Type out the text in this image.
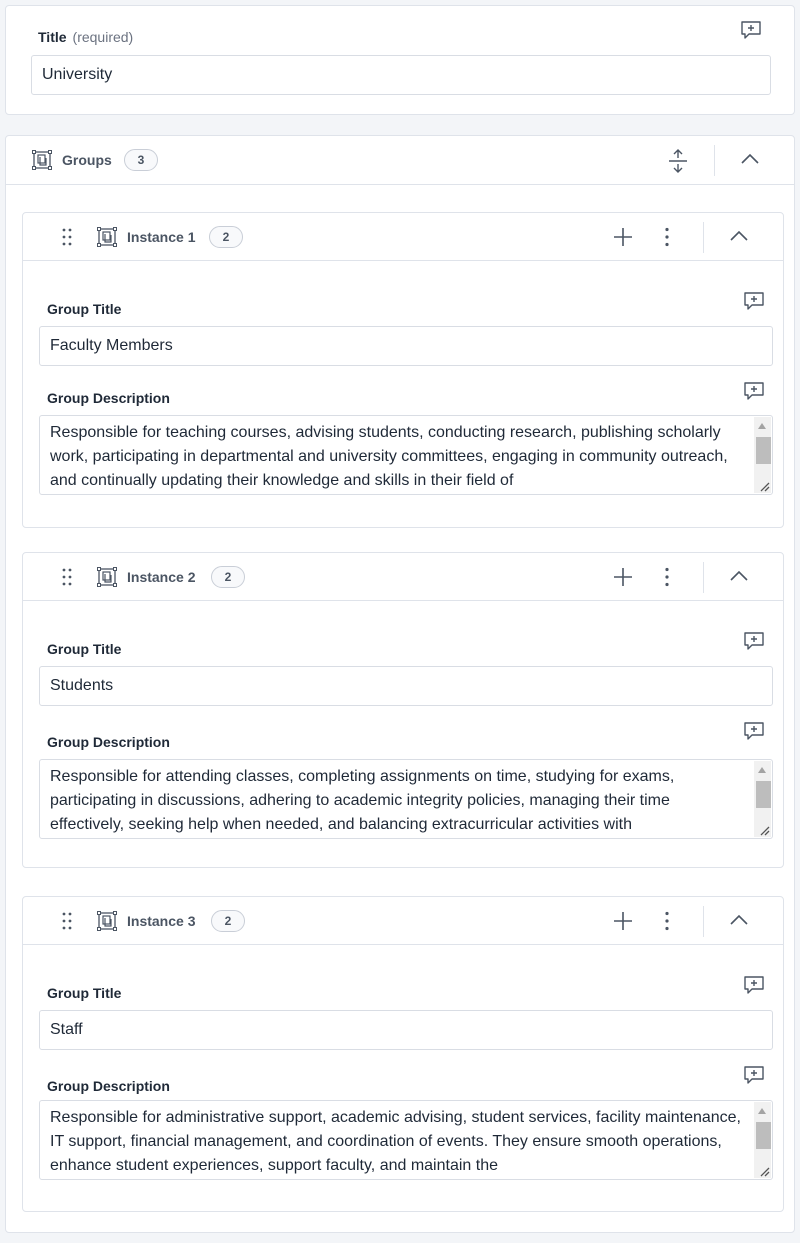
Title (required)
University
Groups	3
Instance 1	2
Group Title
Faculty Members
Group Description
Responsible for teaching courses, advising students, conducting research, publishing scholarly work, participating in departmental and university committees, engaging in community outreach, and continually updating their knowledge and skills in their field of
Instance 2	2
Group Title
Students
Group Description
Responsible for attending classes, completing assignments on time, studying for exams, participating in discussions, adhering to academic integrity policies, managing their time effectively, seeking help when needed, and balancing extracurricular activities with
Instance 3	2
Group Title
Staff
Group Description
Responsible for administrative support, academic advising, student services, facility maintenance, IT support, financial management, and coordination of events. They ensure smooth operations, enhance student experiences, support faculty, and maintain the
